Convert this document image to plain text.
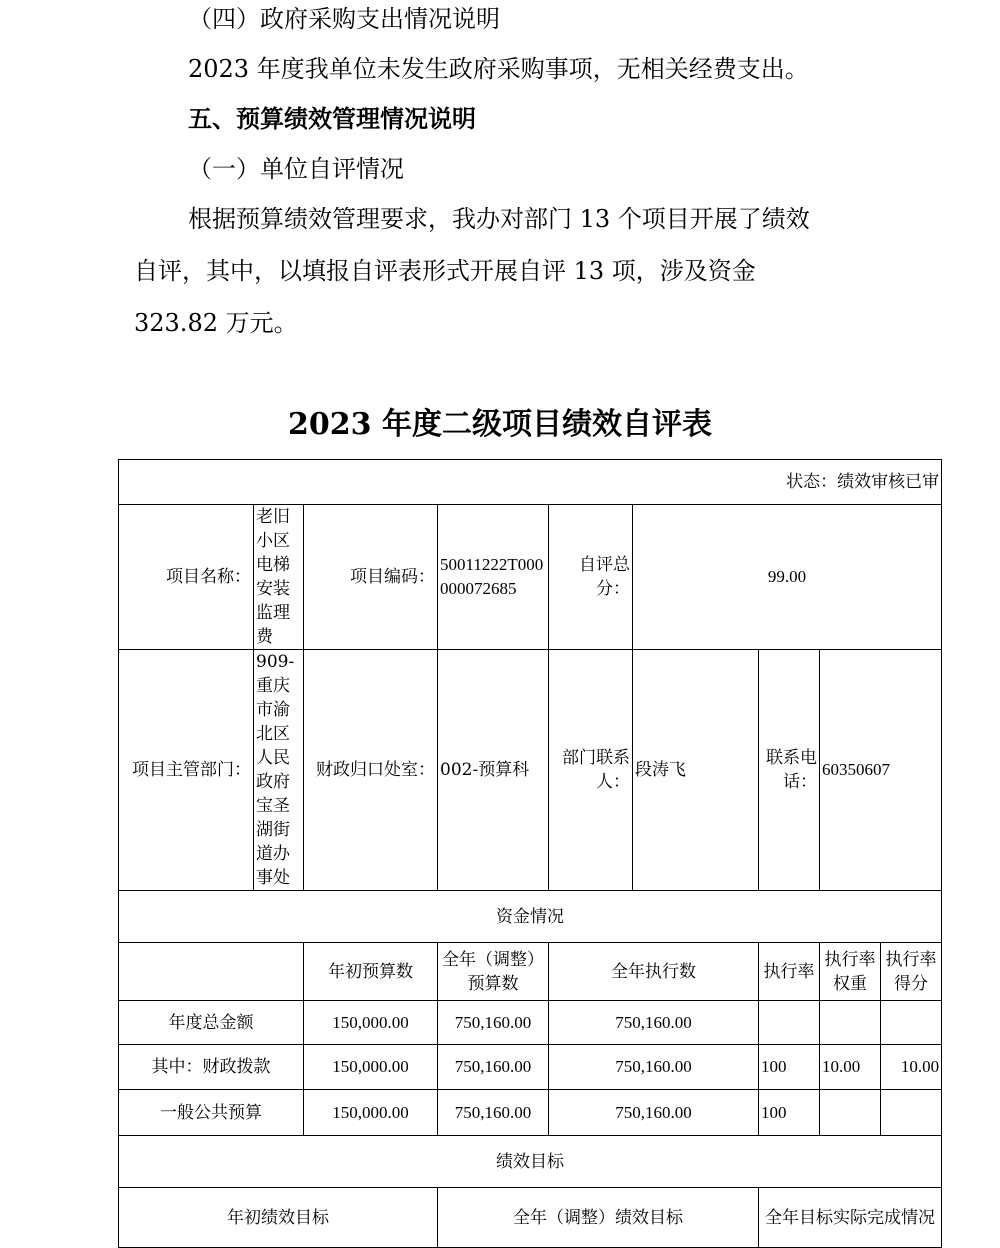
（四）政府采购支出情况说明
2023 年度我单位未发生政府采购事项，无相关经费支出。
五、预算绩效管理情况说明
（一）单位自评情况
根据预算绩效管理要求，我办对部门 13 个项目开展了绩效
自评，其中，以填报自评表形式开展自评 13 项，涉及资金
323.82 万元。
2023 年度二级项目绩效自评表
状态：绩效审核已审								
项目名称：	老旧小区电梯安装监理费	项目编码：	50011222T000000072685	自评总分：	99.00			
项目主管部门：	909-重庆市渝北区人民政府宝圣湖街道办事处	财政归口处室：	002-预算科	部门联系人：	段涛飞	联系电话：	60350607	
资金情况								
		年初预算数	全年（调整）预算数	全年执行数		执行率	执行率权重	执行率得分
年度总金额		150,000.00	750,160.00	750,160.00				
其中：财政拨款		150,000.00	750,160.00	750,160.00		100	10.00	10.00
一般公共预算		150,000.00	750,160.00	750,160.00		100		
绩效目标								
年初绩效目标			全年（调整）绩效目标			全年目标实际完成情况		
